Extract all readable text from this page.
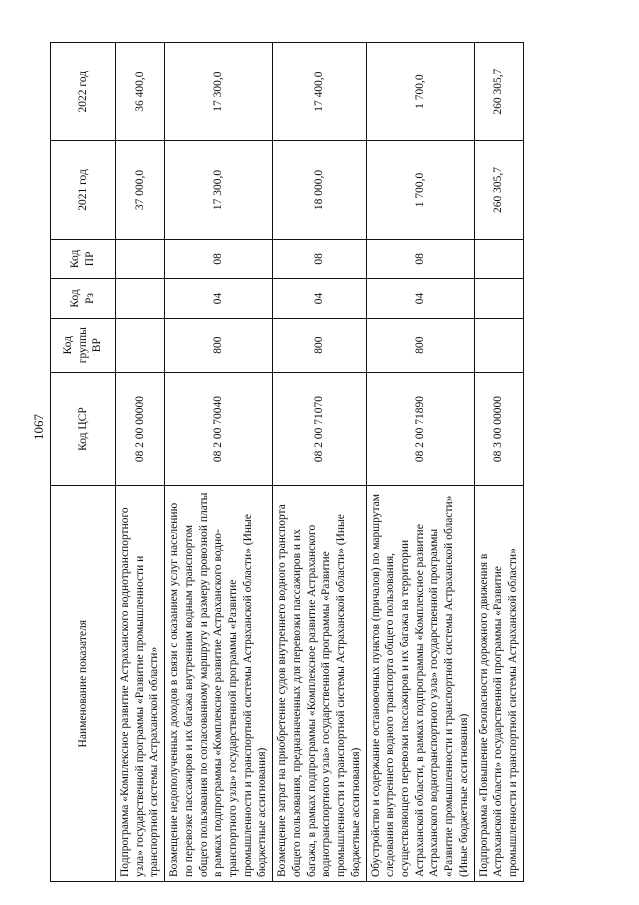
1067
Наименование показателя	Код ЦСР	Код группы ВР	Код Рз	Код ПР	2021 год	2022 год
Подпрограмма «Комплексное развитие Астраханского воднотранспортного узла» государственной программы «Развитие промышленности и транспортной системы Астраханской области»	08 2 00 00000				37 000,0	36 400,0
Возмещение недополученных доходов в связи с оказанием услуг населению по перевозке пассажиров и их багажа внутренним водным транспортом общего пользования по согласованному маршруту и размеру провозной платы в рамках подпрограммы «Комплексное развитие Астраханского воднотранспортного узла» государственной программы «Развитие промышленности и транспортной системы Астраханской области» (Иные бюджетные ассигнования)	08 2 00 70040	800	04	08	17 300,0	17 300,0
Возмещение затрат на приобретение судов внутреннего водного транспорта общего пользования, предназначенных для перевозки пассажиров и их багажа, в рамках подпрограммы «Комплексное развитие Астраханского воднотранспортного узла» государственной программы «Развитие промышленности и транспортной системы Астраханской области» (Иные бюджетные ассигнования)	08 2 00 71070	800	04	08	18 000,0	17 400,0
Обустройство и содержание остановочных пунктов (причалов) по маршрутам следования внутреннего водного транспорта общего пользования, осуществляющего перевозки пассажиров и их багажа на территории Астраханской области, в рамках подпрограммы «Комплексное развитие Астраханского воднотранспортного узла» государственной программы «Развитие промышленности и транспортной системы Астраханской области» (Иные бюджетные ассигнования)	08 2 00 71890	800	04	08	1 700,0	1 700,0
Подпрограмма «Повышение безопасности дорожного движения в Астраханской области» государственной программы «Развитие промышленности и транспортной системы Астраханской области»	08 3 00 00000				260 305,7	260 305,7
